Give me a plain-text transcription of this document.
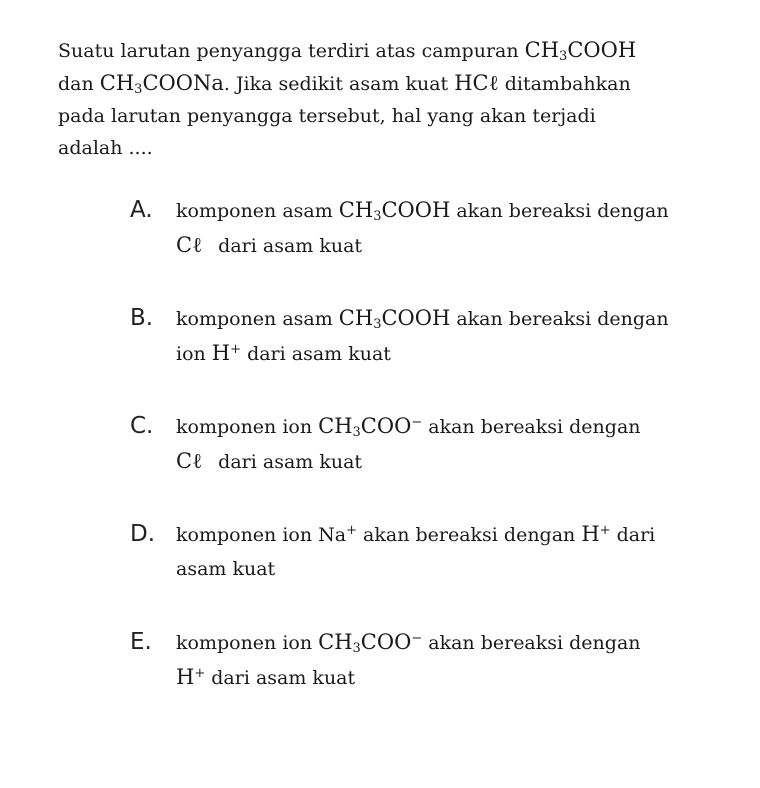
Suatu larutan penyangga terdiri atas campuran $CH_3COOH$
dan $CH_3COONa$. Jika sedikit asam kuat HCℓ ditambahkan
pada larutan penyangga tersebut, hal yang akan terjadi
adalah ....
A. komponen asam $CH_3COOH$ akan bereaksi dengan
Cℓ dari asam kuat
B. komponen asam $CH_3COOH$ akan bereaksi dengan
ion H+ dari asam kuat
C. komponen ion $CH_3COO^-$ akan bereaksi dengan
Cℓ dari asam kuat
D. komponen ion Na+ akan bereaksi dengan H+ dari
asam kuat
E. komponen ion $CH_3COO^-$ akan bereaksi dengan
H+ dari asam kuat
